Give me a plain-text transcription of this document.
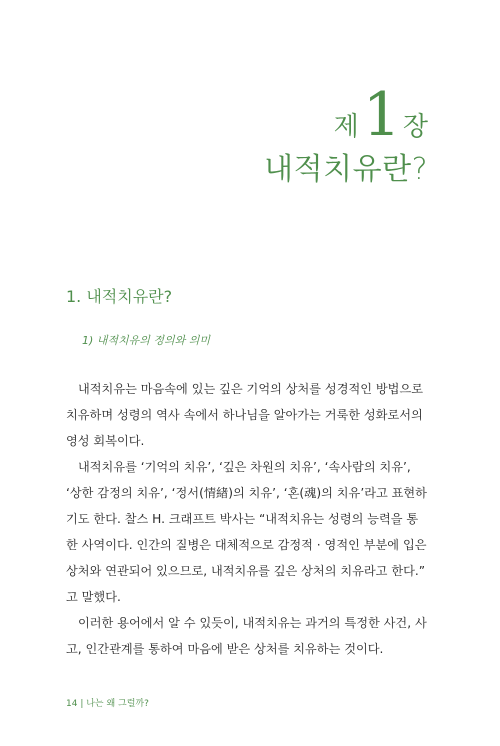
제 1 장
내적치유란?
1. 내적치유란?
1) 내적치유의 정의와 의미
내적치유는 마음속에 있는 깊은 기억의 상처를 성경적인 방법으로
치유하며 성령의 역사 속에서 하나님을 알아가는 거룩한 성화로서의
영성 회복이다.
내적치유를 ‘기억의 치유’, ‘깊은 차원의 치유’, ‘속사람의 치유’,
‘상한 감정의 치유’, ‘정서(情緖)의 치유’, ‘혼(魂)의 치유’라고 표현하
기도 한다. 찰스 H. 크래프트 박사는 “내적치유는 성령의 능력을 통
한 사역이다. 인간의 질병은 대체적으로 감정적 · 영적인 부분에 입은
상처와 연관되어 있으므로, 내적치유를 깊은 상처의 치유라고 한다.”
고 말했다.
이러한 용어에서 알 수 있듯이, 내적치유는 과거의 특정한 사건, 사
고, 인간관계를 통하여 마음에 받은 상처를 치유하는 것이다.
14 | 나는 왜 그럴까?
